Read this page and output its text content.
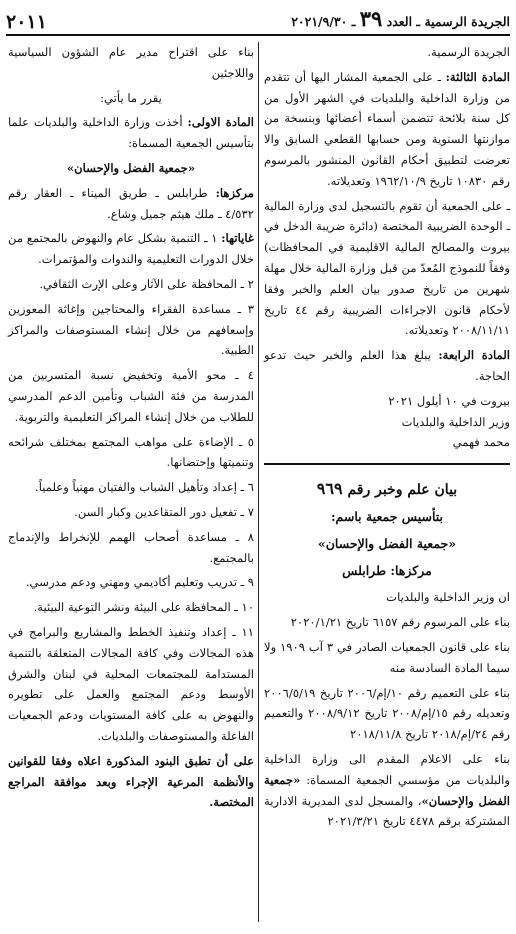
الجريدة الرسمية ـ العدد ٣٩ ـ ٢٠٢١/٩/٣٠
٢٠١١

الجريدة الرسمية.

المادة الثالثة: ـ على الجمعية المشار اليها أن تتقدم من وزارة الداخلية والبلديات في الشهر الأول من كل سنة بلائحة تتضمن أسماء أعضائها وبنسخة من موازنتها السنوية ومن حسابها القطعي السابق والا تعرضت لتطبيق أحكام القانون المنشور بالمرسوم رقم ١٠٨٣٠ تاريخ ١٩٦٢/١٠/٩ وتعديلاته.

ـ على الجمعية أن تقوم بالتسجيل لدى وزارة المالية ـ الوحدة الضريبية المختصة (دائرة ضريبة الدخل في بيروت والمصالح المالية الاقليمية في المحافظات) وفقاً للنموذج المُعدّ من قبل وزارة المالية خلال مهلة شهرين من تاريخ صدور بيان العلم والخبر وفقا لأحكام قانون الاجراءات الضريبية رقم ٤٤ تاريخ ٢٠٠٨/١١/١١ وتعديلاته.

المادة الرابعة: يبلغ هذا العلم والخبر حيث تدعو الحاجة.

بيروت في ١٠ أيلول ٢٠٢١

وزير الداخلية والبلديات

محمد فهمي

بيان علم وخبر رقم ٩٦٩
بتأسيس جمعية باسم:
«جمعية الفضل والإحسان»
مركزها: طرابلس

ان وزير الداخلية والبلديات

بناء على المرسوم رقم ٦١٥٧ تاريخ ٢٠٢٠/١/٢١

بناء على قانون الجمعيات الصادر في ٣ آب ١٩٠٩ ولا سيما المادة السادسة منه

بناء على التعميم رقم ١٠/إم/٢٠٠٦ تاريخ ٢٠٠٦/٥/١٩ وتعديله رقم ١٥/إم/٢٠٠٨ تاريخ ٢٠٠٨/٩/١٢ والتعميم رقم ٢٤/إم/٢٠١٨ تاريخ ٢٠١٨/١١/٨

بناء على الاعلام المقدم الى وزارة الداخلية والبلديات من مؤسسي الجمعية المسماة: «جمعية الفضل والإحسان»، والمسجل لدى المديرية الادارية المشتركة برقم ٤٤٧٨ تاريخ ٢٠٢١/٣/٢١

بناء على اقتراح مدير عام الشؤون السياسية واللاجئين

يقرر ما يأتي:

المادة الاولى: أخذت وزارة الداخلية والبلديات علما بتأسيس الجمعية المسماة:

«جمعية الفضل والإحسان»

مركزها: طرابلس ـ طريق الميناء ـ العقار رقم ٤/٥٣٢ ـ ملك هيثم جميل وشاع.

غاياتها: ١ ـ التنمية بشكل عام والنهوض بالمجتمع من خلال الدورات التعليمية والندوات والمؤتمرات.

٢ ـ المحافظة على الآثار وعلى الإرث الثقافي.

٣ ـ مساعدة الفقراء والمحتاجين وإغاثة المعوزين وإسعافهم من خلال إنشاء المستوصفات والمراكز الطبية.

٤ ـ محو الأمية وتخفيض نسبة المتسربين من المدرسة من فئة الشباب وتأمين الدعم المدرسي للطلاب من خلال إنشاء المراكز التعليمية والتربوية.

٥ ـ الإضاءة على مواهب المجتمع بمختلف شرائحه وتنميتها وإحتضانها.

٦ ـ إعداد وتأهيل الشباب والفتيان مهنياً وعلمياً.

٧ ـ تفعيل دور المتقاعدين وكبار السن.

٨ ـ مساعدة أصحاب الهمم للإنخراط والإندماج بالمجتمع.

٩ ـ تدريب وتعليم أكاديمي ومهني ودعم مدرسي.

١٠ ـ المحافظة على البيئة ونشر التوعية البيئية.

١١ ـ إعداد وتنفيذ الخطط والمشاريع والبرامج في هذه المجالات وفي كافة المجالات المتعلقة بالتنمية المستدامة للمجتمعات المحلية في لبنان والشرق الأوسط ودعم المجتمع والعمل على تطويره والنهوض به على كافة المستويات ودعم الجمعيات الفاعلة والمستوصفات والبلديات.

على أن تطبق البنود المذكورة اعلاه وفقا للقوانين والأنظمة المرعية الإجراء وبعد موافقة المراجع المختصة.
